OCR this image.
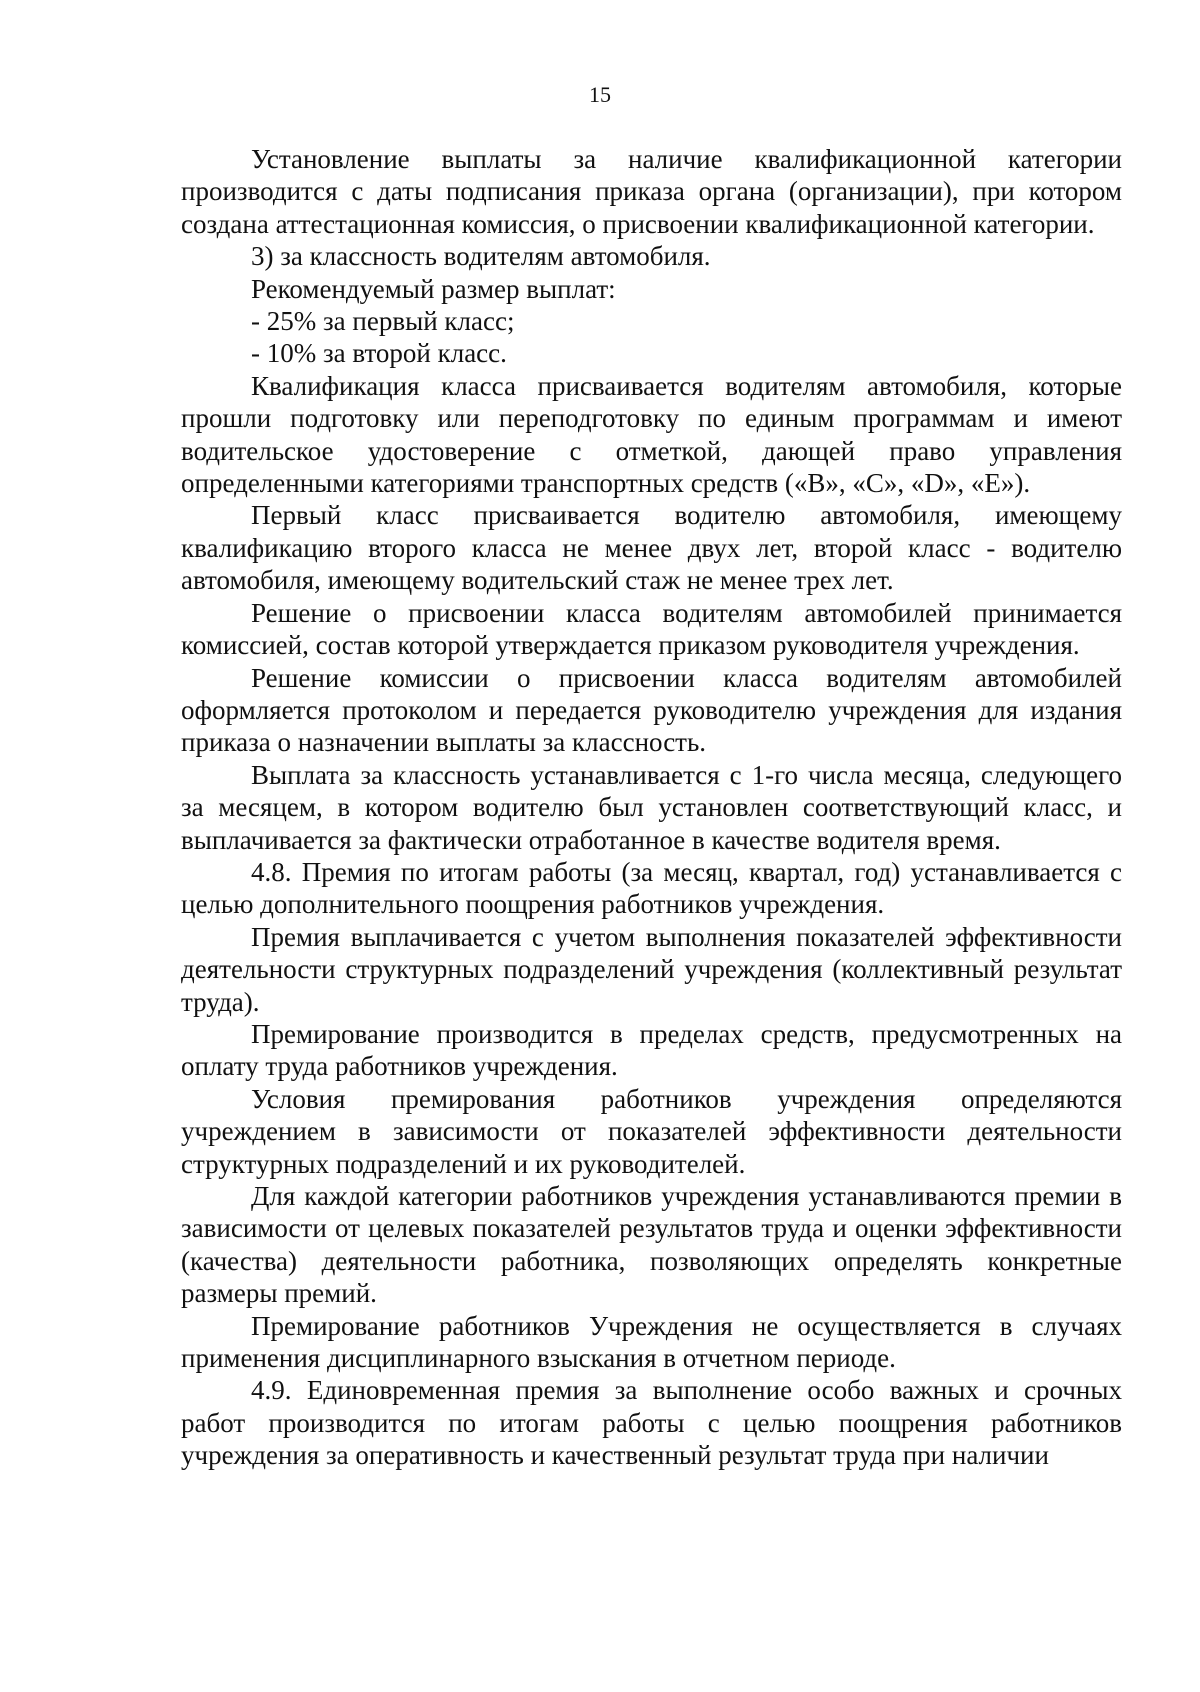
15

Установление выплаты за наличие квалификационной категории производится с даты подписания приказа органа (организации), при котором создана аттестационная комиссия, о присвоении квалификационной категории.

3) за классность водителям автомобиля.

Рекомендуемый размер выплат:

- 25% за первый класс;

- 10% за второй класс.

Квалификация класса присваивается водителям автомобиля, которые прошли подготовку или переподготовку по единым программам и имеют водительское удостоверение с отметкой, дающей право управления определенными категориями транспортных средств («В», «С», «D», «Е»).

Первый класс присваивается водителю автомобиля, имеющему квалификацию второго класса не менее двух лет, второй класс - водителю автомобиля, имеющему водительский стаж не менее трех лет.

Решение о присвоении класса водителям автомобилей принимается комиссией, состав которой утверждается приказом руководителя учреждения.

Решение комиссии о присвоении класса водителям автомобилей оформляется протоколом и передается руководителю учреждения для издания приказа о назначении выплаты за классность.

Выплата за классность устанавливается с 1-го числа месяца, следующего за месяцем, в котором водителю был установлен соответствующий класс, и выплачивается за фактически отработанное в качестве водителя время.

4.8. Премия по итогам работы (за месяц, квартал, год) устанавливается с целью дополнительного поощрения работников учреждения.

Премия выплачивается с учетом выполнения показателей эффективности деятельности структурных подразделений учреждения (коллективный результат труда).

Премирование производится в пределах средств, предусмотренных на оплату труда работников учреждения.

Условия премирования работников учреждения определяются учреждением в зависимости от показателей эффективности деятельности структурных подразделений и их руководителей.

Для каждой категории работников учреждения устанавливаются премии в зависимости от целевых показателей результатов труда и оценки эффективности (качества) деятельности работника, позволяющих определять конкретные размеры премий.

Премирование работников Учреждения не осуществляется в случаях применения дисциплинарного взыскания в отчетном периоде.

4.9. Единовременная премия за выполнение особо важных и срочных работ производится по итогам работы с целью поощрения работников учреждения за оперативность и качественный результат труда при наличии
